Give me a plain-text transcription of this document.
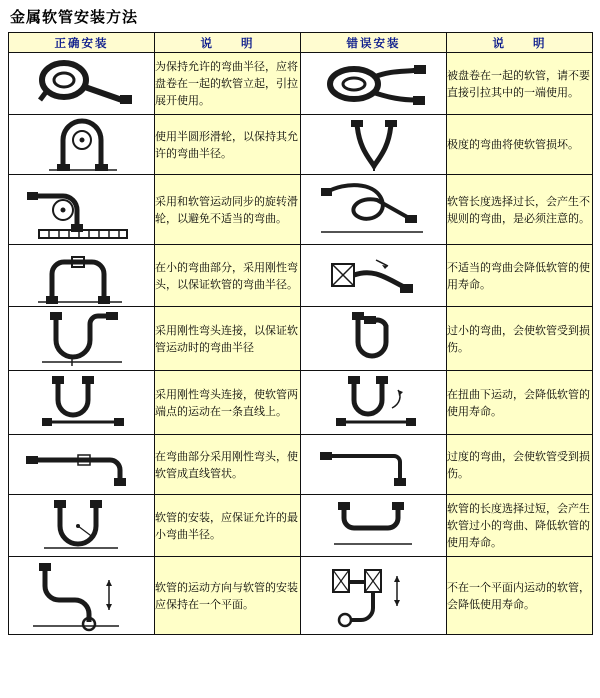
金属软管安装方法
正确安装	说　　明	错误安装	说　　明

	为保持允许的弯曲半径，应将盘卷在一起的软管立起，引拉展开使用。		被盘卷在一起的软管，请不要直接引拉其中的一端使用。

	使用半圆形滑轮，以保持其允许的弯曲半径。		极度的弯曲将使软管损坏。

	采用和软管运动同步的旋转滑轮，以避免不适当的弯曲。		软管长度选择过长，会产生不规则的弯曲，是必须注意的。

	在小的弯曲部分，采用刚性弯头，以保证软管的弯曲半径。		不适当的弯曲会降低软管的使用寿命。

	采用刚性弯头连接，以保证软管运动时的弯曲半径		过小的弯曲，会使软管受到损伤。

	采用刚性弯头连接，使软管两端点的运动在一条直线上。		在扭曲下运动，会降低软管的使用寿命。

	在弯曲部分采用刚性弯头，使软管成直线管状。		过度的弯曲，会使软管受到损伤。

	软管的安装，应保证允许的最小弯曲半径。		软管的长度选择过短，会产生软管过小的弯曲、降低软管的使用寿命。

	软管的运动方向与软管的安装应保持在一个平面。		不在一个平面内运动的软管，会降低使用寿命。
